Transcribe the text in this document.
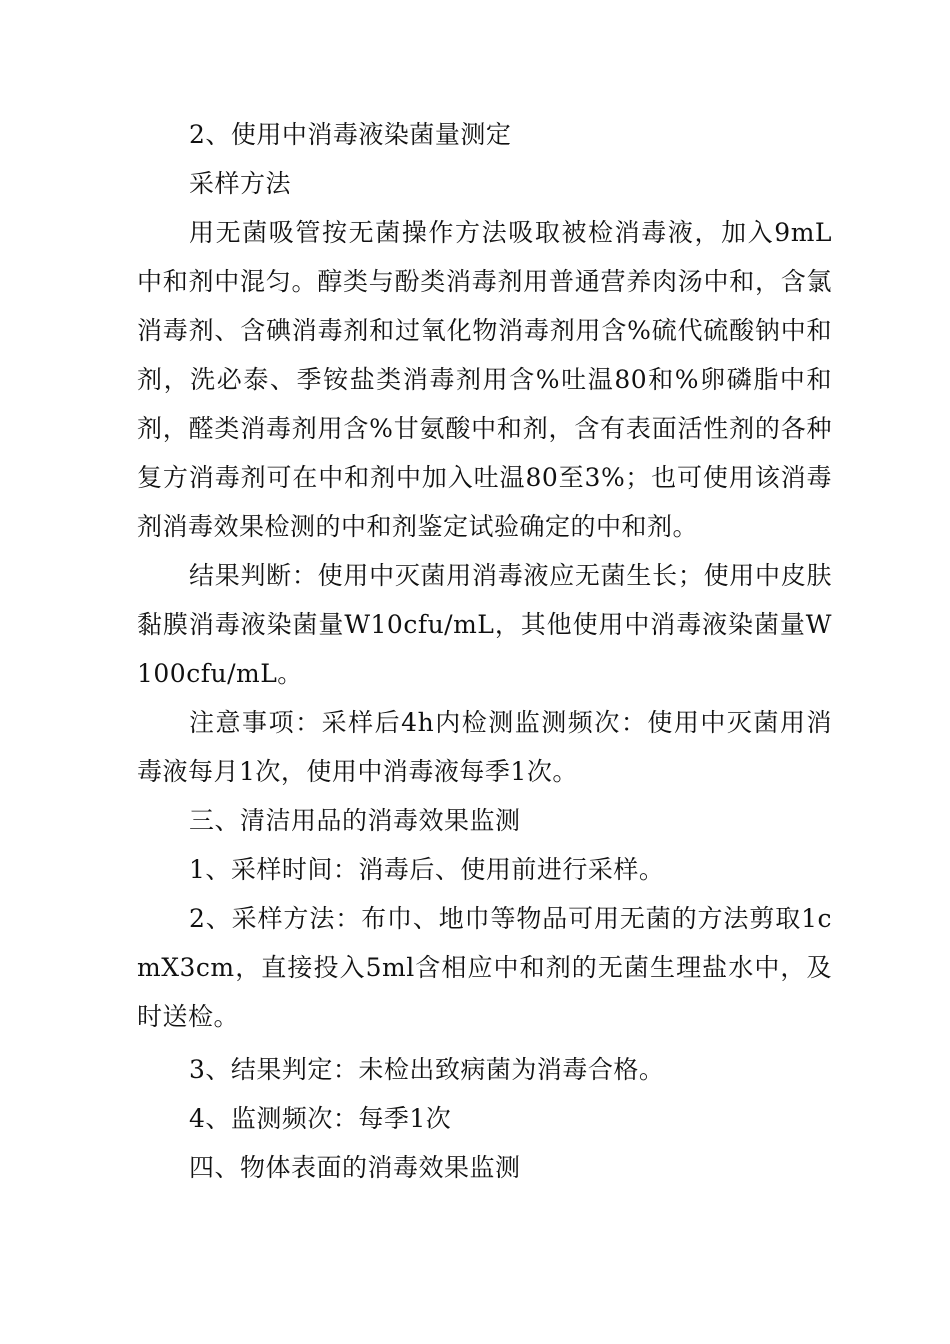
2、使用中消毒液染菌量测定

采样方法

用无菌吸管按无菌操作方法吸取被检消毒液，加入9mL中和剂中混匀。醇类与酚类消毒剂用普通营养肉汤中和，含氯消毒剂、含碘消毒剂和过氧化物消毒剂用含%硫代硫酸钠中和剂，洗必泰、季铵盐类消毒剂用含%吐温80和%卵磷脂中和剂，醛类消毒剂用含%甘氨酸中和剂，含有表面活性剂的各种复方消毒剂可在中和剂中加入吐温80至3%；也可使用该消毒剂消毒效果检测的中和剂鉴定试验确定的中和剂。

结果判断：使用中灭菌用消毒液应无菌生长；使用中皮肤黏膜消毒液染菌量W10cfu/mL，其他使用中消毒液染菌量W100cfu/mL。

注意事项：采样后4h内检测监测频次：使用中灭菌用消毒液每月1次，使用中消毒液每季1次。

三、清洁用品的消毒效果监测

1、采样时间：消毒后、使用前进行采样。

2、采样方法：布巾、地巾等物品可用无菌的方法剪取1cmX3cm，直接投入5ml含相应中和剂的无菌生理盐水中，及时送检。

3、结果判定：未检出致病菌为消毒合格。

4、监测频次：每季1次

四、物体表面的消毒效果监测
